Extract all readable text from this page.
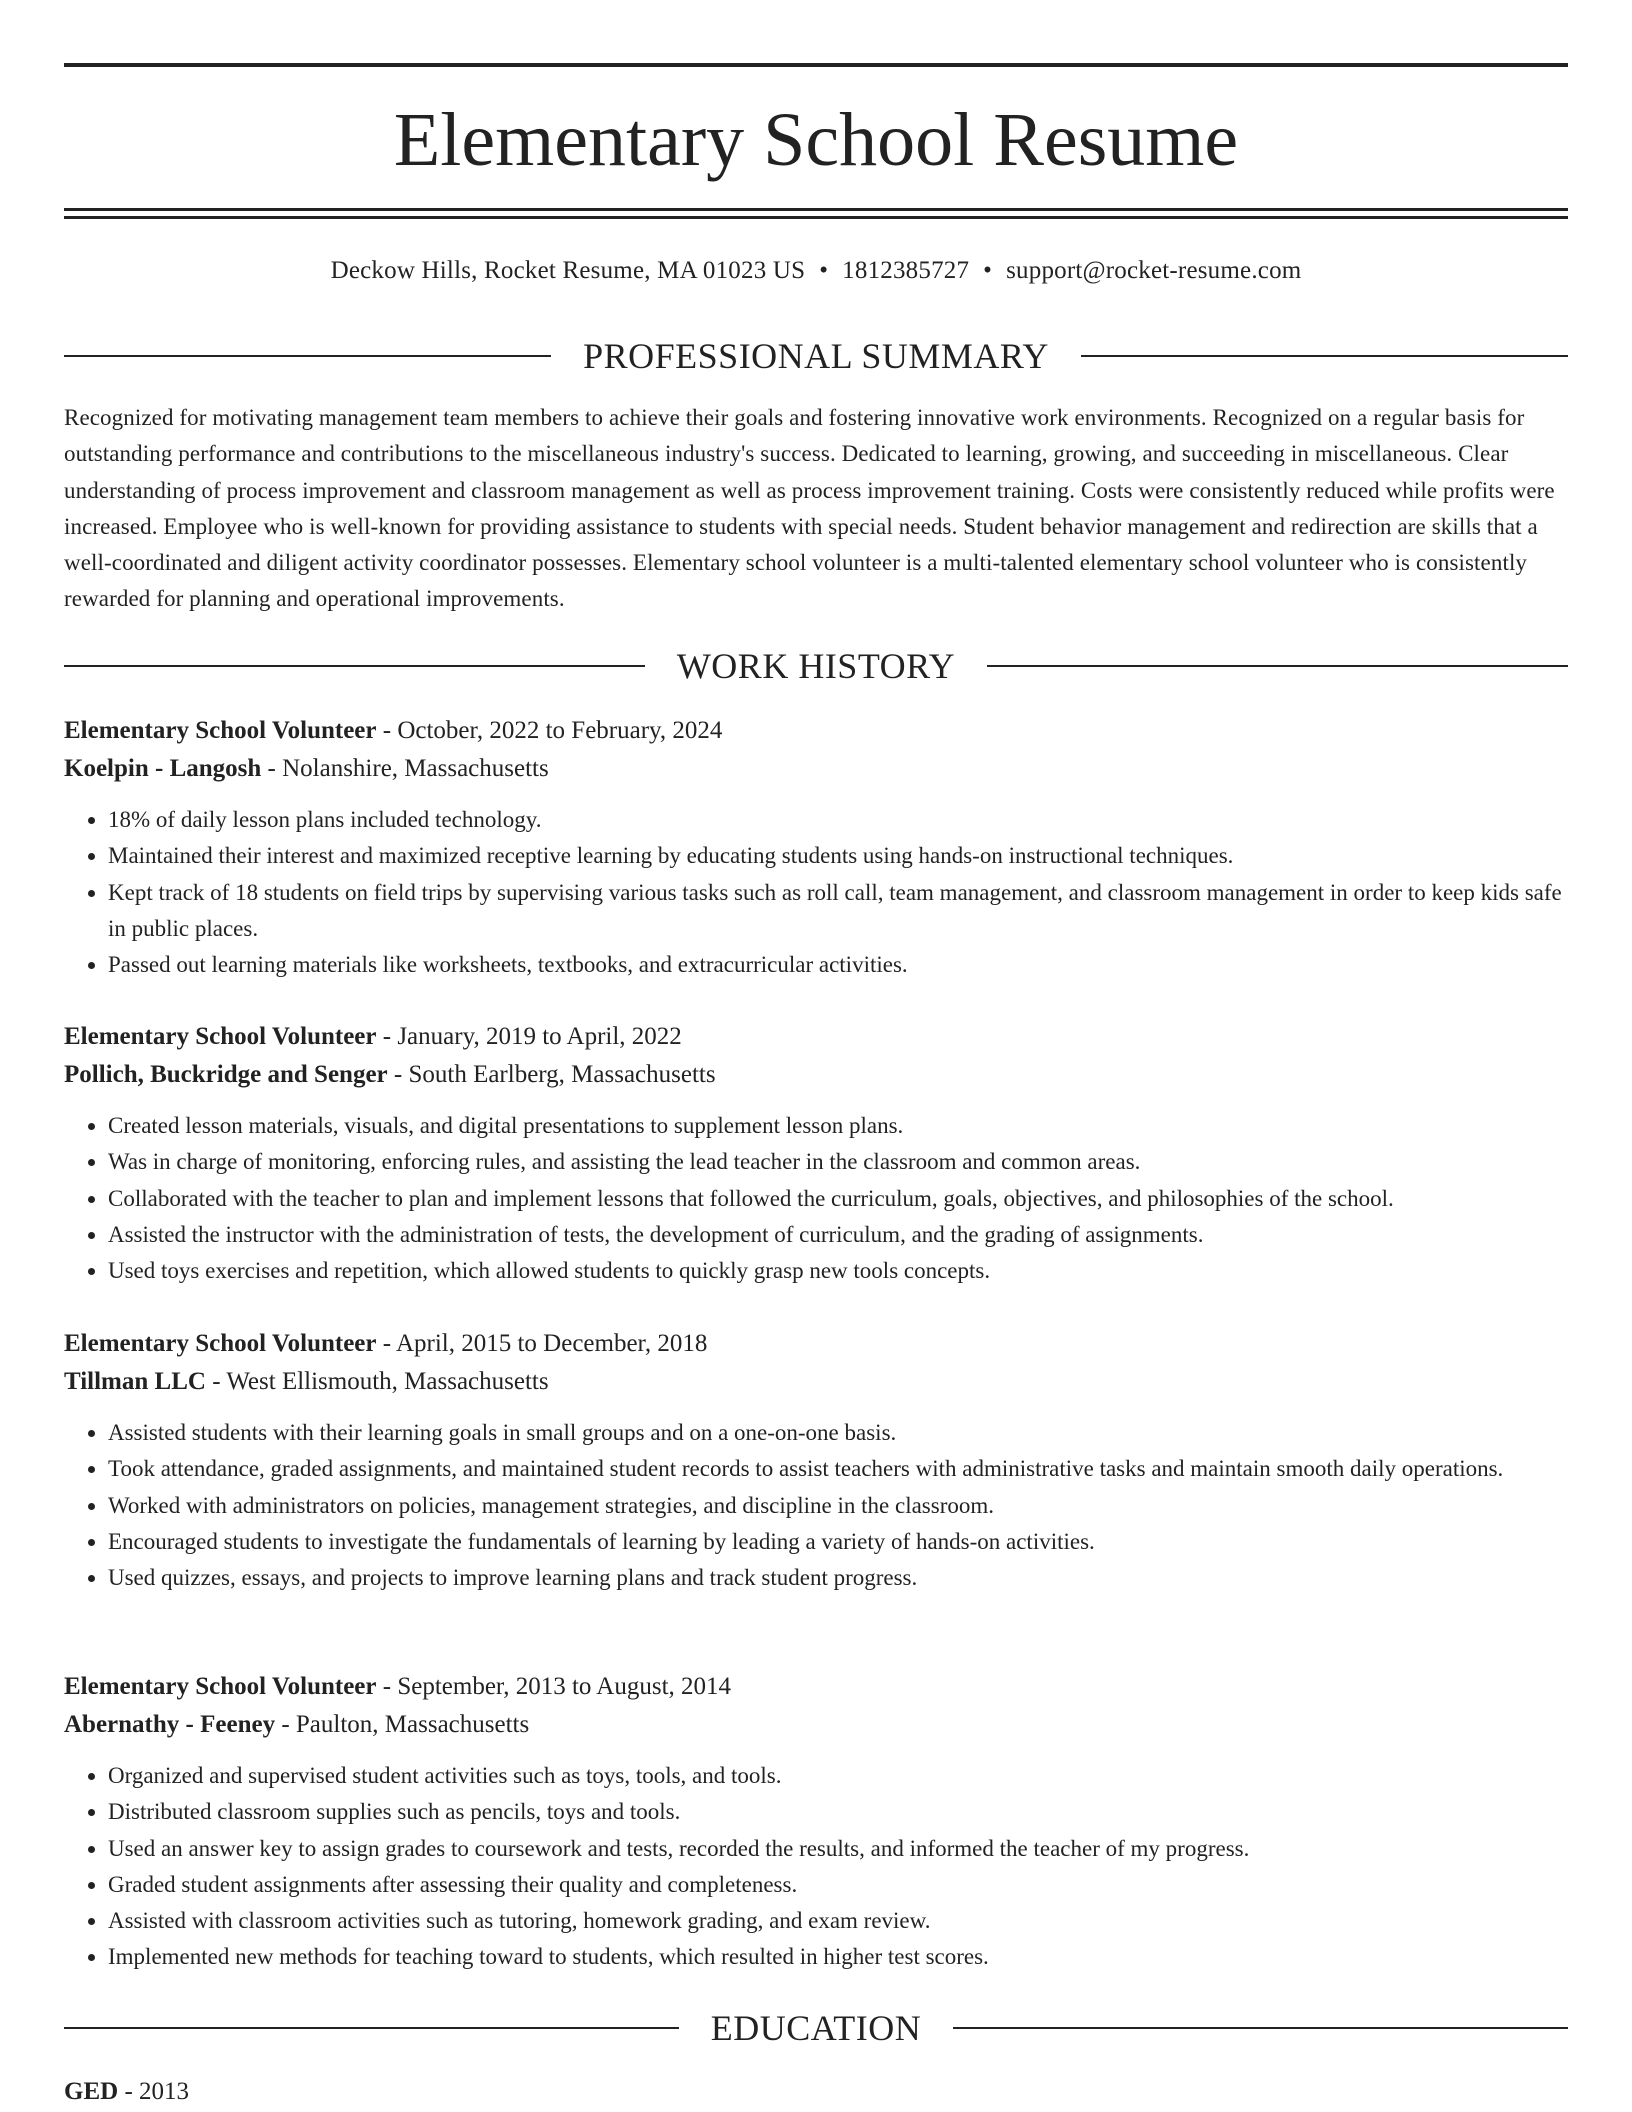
Elementary School Resume
Deckow Hills, Rocket Resume, MA 01023 US • 1812385727 • support@rocket-resume.com
PROFESSIONAL SUMMARY

Recognized for motivating management team members to achieve their goals and fostering innovative work environments. Recognized on a regular basis for outstanding performance and contributions to the miscellaneous industry's success. Dedicated to learning, growing, and succeeding in miscellaneous. Clear understanding of process improvement and classroom management as well as process improvement training. Costs were consistently reduced while profits were increased. Employee who is well-known for providing assistance to students with special needs. Student behavior management and redirection are skills that a well-coordinated and diligent activity coordinator possesses. Elementary school volunteer is a multi-talented elementary school volunteer who is consistently rewarded for planning and operational improvements.

WORK HISTORY

Elementary School Volunteer - October, 2022 to February, 2024

Koelpin - Langosh - Nolanshire, Massachusetts

• 18% of daily lesson plans included technology.
• Maintained their interest and maximized receptive learning by educating students using hands-on instructional techniques.
• Kept track of 18 students on field trips by supervising various tasks such as roll call, team management, and classroom management in order to keep kids safe in public places.
• Passed out learning materials like worksheets, textbooks, and extracurricular activities.

Elementary School Volunteer - January, 2019 to April, 2022

Pollich, Buckridge and Senger - South Earlberg, Massachusetts

• Created lesson materials, visuals, and digital presentations to supplement lesson plans.
• Was in charge of monitoring, enforcing rules, and assisting the lead teacher in the classroom and common areas.
• Collaborated with the teacher to plan and implement lessons that followed the curriculum, goals, objectives, and philosophies of the school.
• Assisted the instructor with the administration of tests, the development of curriculum, and the grading of assignments.
• Used toys exercises and repetition, which allowed students to quickly grasp new tools concepts.

Elementary School Volunteer - April, 2015 to December, 2018

Tillman LLC - West Ellismouth, Massachusetts

• Assisted students with their learning goals in small groups and on a one-on-one basis.
• Took attendance, graded assignments, and maintained student records to assist teachers with administrative tasks and maintain smooth daily operations.
• Worked with administrators on policies, management strategies, and discipline in the classroom.
• Encouraged students to investigate the fundamentals of learning by leading a variety of hands-on activities.
• Used quizzes, essays, and projects to improve learning plans and track student progress.

Elementary School Volunteer - September, 2013 to August, 2014

Abernathy - Feeney - Paulton, Massachusetts

• Organized and supervised student activities such as toys, tools, and tools.
• Distributed classroom supplies such as pencils, toys and tools.
• Used an answer key to assign grades to coursework and tests, recorded the results, and informed the teacher of my progress.
• Graded student assignments after assessing their quality and completeness.
• Assisted with classroom activities such as tutoring, homework grading, and exam review.
• Implemented new methods for teaching toward to students, which resulted in higher test scores.
EDUCATION

GED - 2013
